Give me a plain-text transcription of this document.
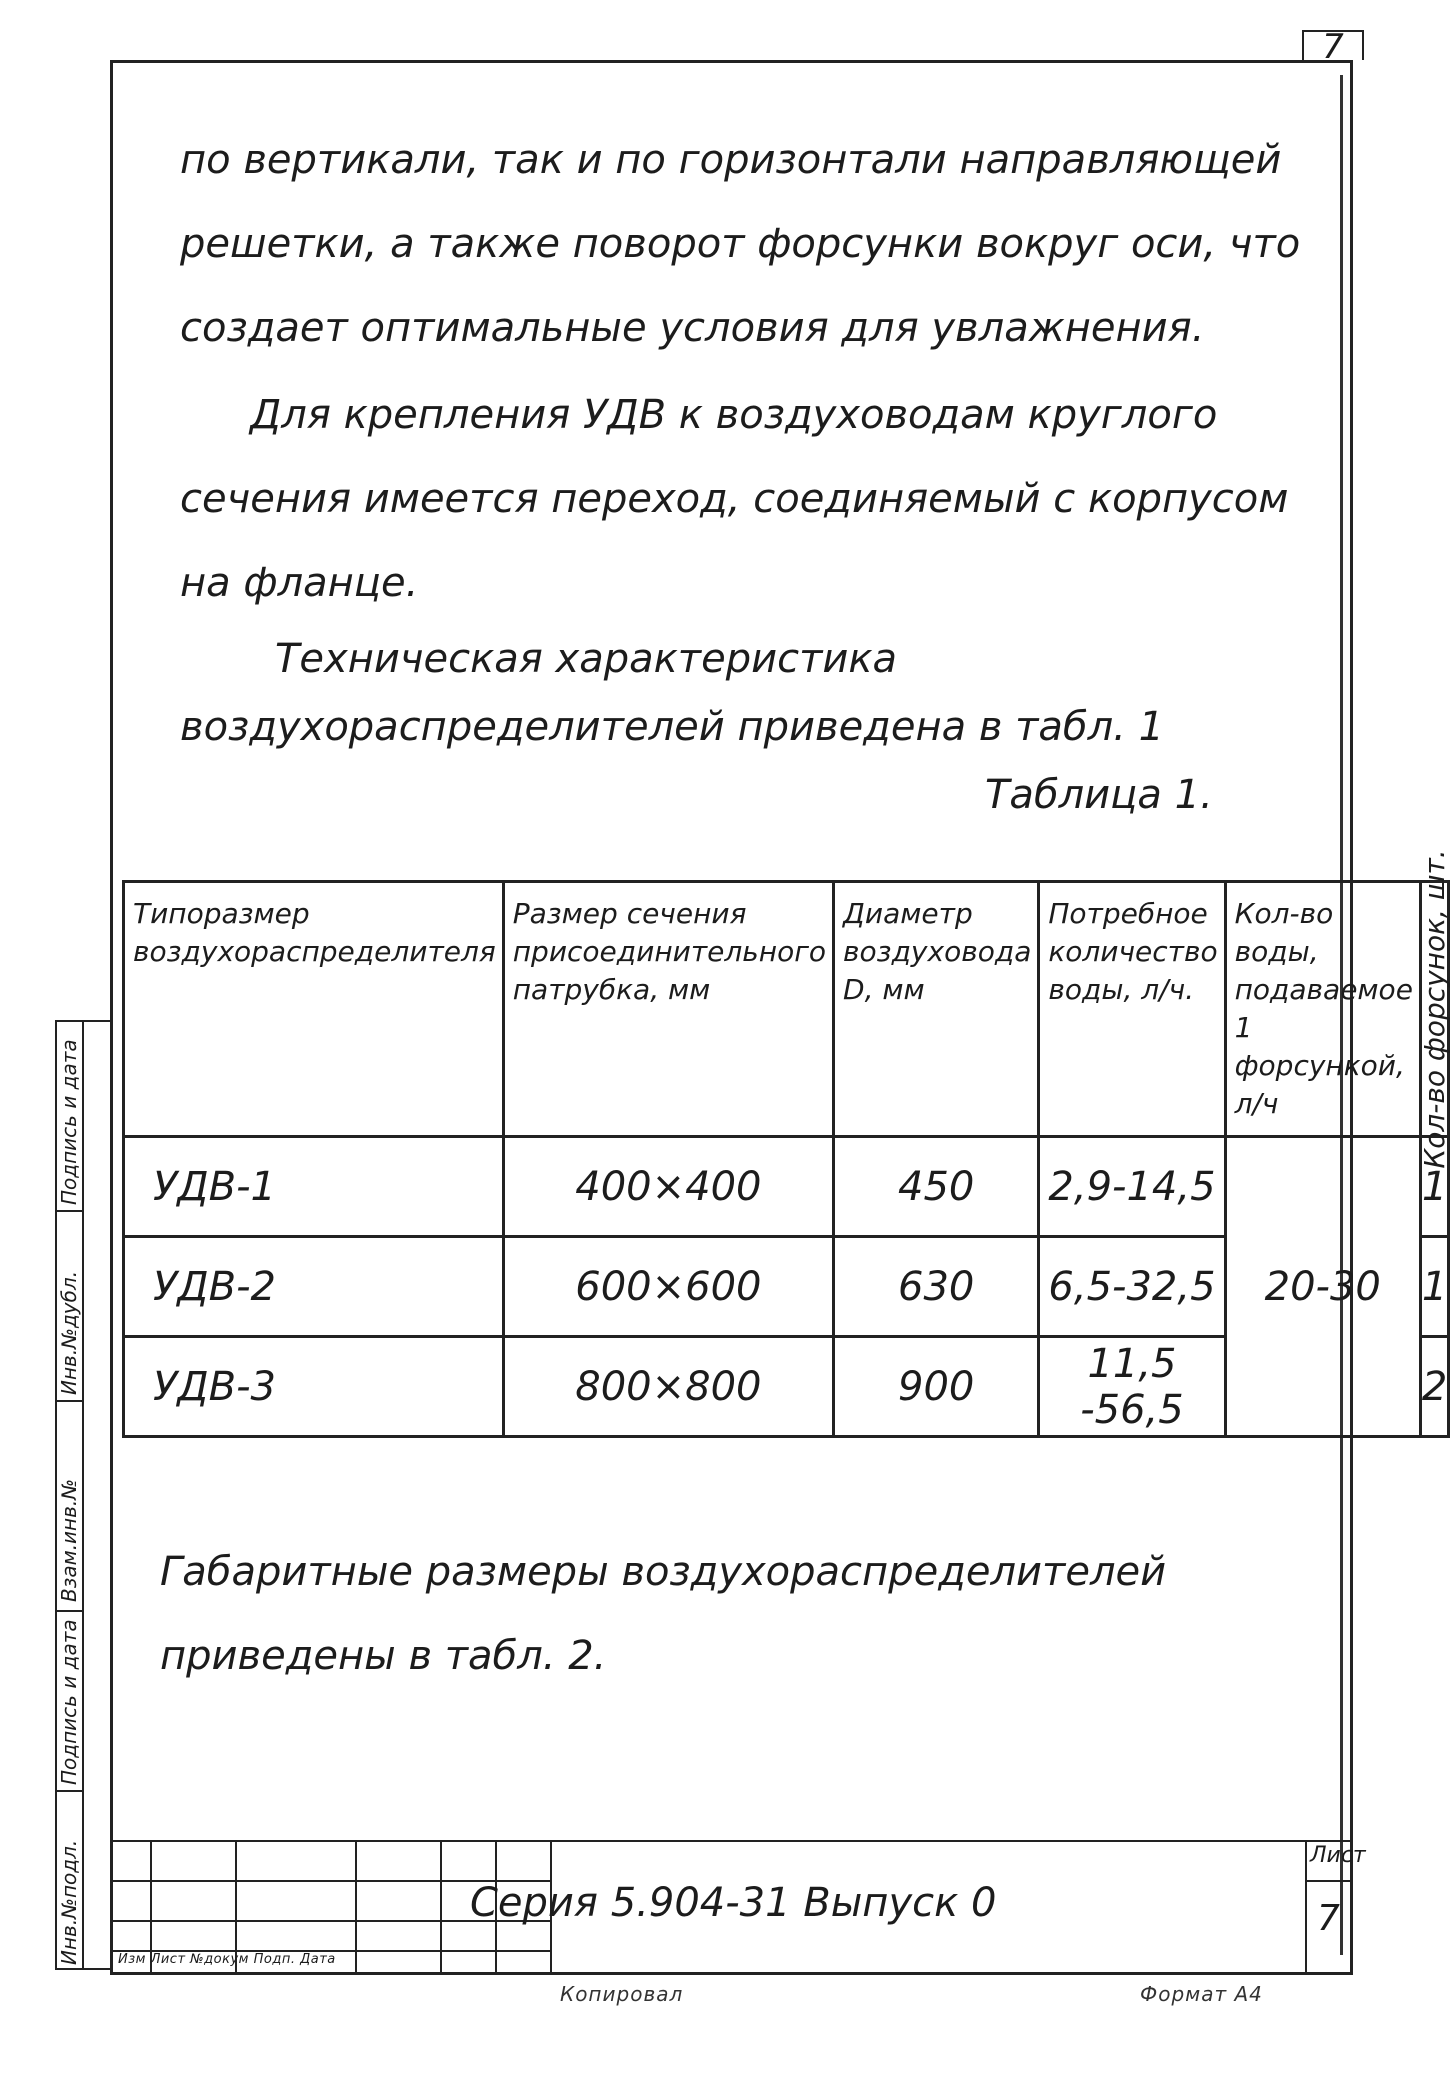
7
по вертикали, так и по горизонтали направляющей решетки, а также поворот форсунки вокруг оси, что создает оптимальные условия для увлажнения.
Для крепления УДВ к воздуховодам круглого сечения имеется переход, соединяемый с корпусом на фланце.
Техническая характеристика воздухораспределителей приведена в табл. 1
Таблица 1.
Типоразмер воздухораспределителя	Размер сечения присоединительного патрубка, мм	Диаметр воздуховода D, мм	Потребное количество воды, л/ч.	Кол-во воды, подаваемое 1 форсункой, л/ч	Кол-во форсунок, шт.

УДВ-1	400×400	450	2,9-14,5	20-30	1
УДВ-2	600×600	630	6,5-32,5		1
УДВ-3	800×800	900	11,5 -56,5		2
Габаритные размеры воздухораспределителей приведены в табл. 2.
Инв.№подл.
Подпись и дата
Взам.инв.№
Инв.№дубл.
Подпись и дата
Серия 5.904-31 Выпуск 0
Изм Лист №докум Подп. Дата
Лист
7
Копировал	Формат А4
